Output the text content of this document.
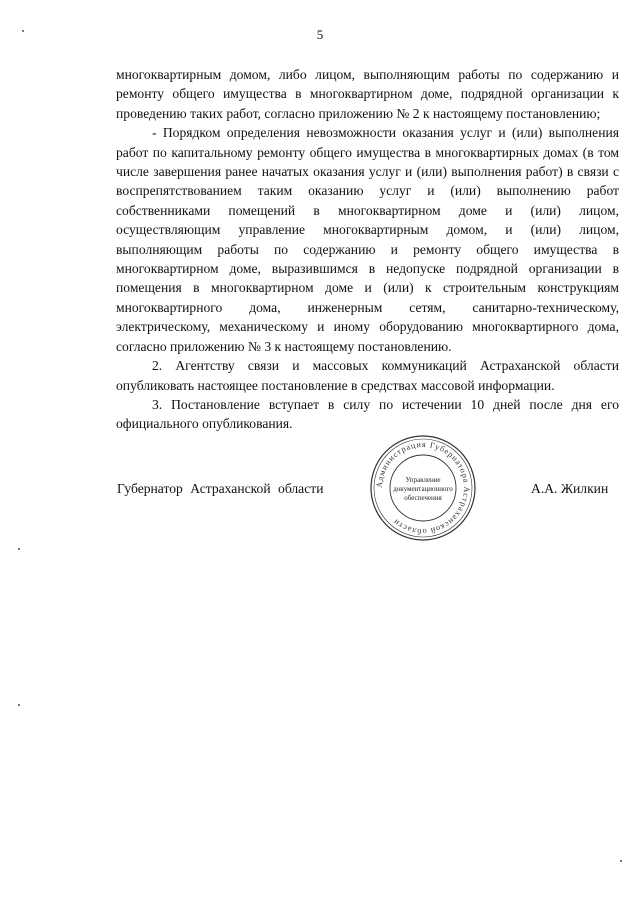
5

многоквартирным домом, либо лицом, выполняющим работы по содержанию и ремонту общего имущества в многоквартирном доме, подрядной организации к проведению таких работ, согласно приложению № 2 к настоящему постановлению;

- Порядком определения невозможности оказания услуг и (или) выполнения работ по капитальному ремонту общего имущества в многоквартирных домах (в том числе завершения ранее начатых оказания услуг и (или) выполнения работ) в связи с воспрепятствованием таким оказанию услуг и (или) выполнению работ собственниками помещений в многоквартирном доме и (или) лицом, осуществляющим управление многоквартирным домом, и (или) лицом, выполняющим работы по содержанию и ремонту общего имущества в многоквартирном доме, выразившимся в недопуске подрядной организации в помещения в многоквартирном доме и (или) к строительным конструкциям многоквартирного дома, инженерным сетям, санитарно-техническому, электрическому, механическому и иному оборудованию многоквартирного дома, согласно приложению № 3 к настоящему постановлению.

2. Агентству связи и массовых коммуникаций Астраханской области опубликовать настоящее постановление в средствах массовой информации.

3. Постановление вступает в силу по истечении 10 дней после дня его официального опубликования.

Губернатор Астраханской области	Администрация Губернатора Астраханской области
Управление
документационного
обеспечения
А.А. Жилкин
